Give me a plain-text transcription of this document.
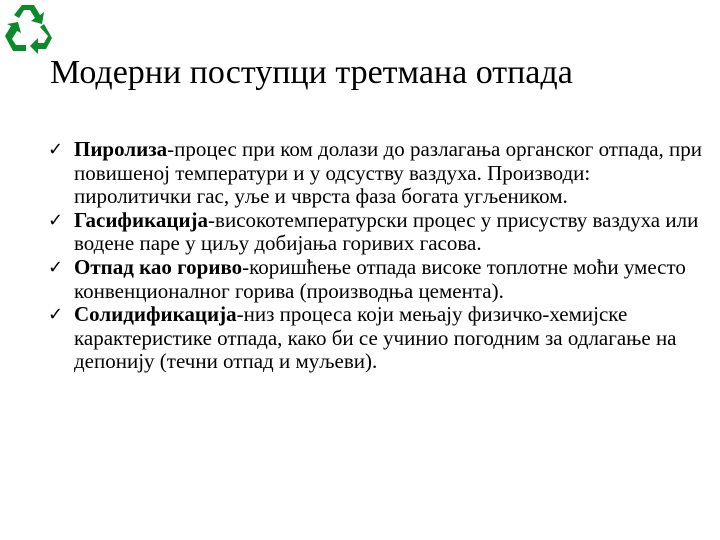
Модерни поступци третмана отпада
✓ Пиролиза-процес при ком долази до разлагања органског отпада, при повишеној температури и у одсуству ваздуха. Производи: пиролитички гас, уље и чврста фаза богата угљеником.
✓ Гасификација-високотемпературски процес у присуству ваздуха или водене паре у циљу добијања горивих гасова.
✓ Отпад као гориво-коришћење отпада високе топлотне моћи уместо конвенционалног горива (производња цемента).
✓ Солидификација-низ процеса који мењају физичко-хемијске карактеристике отпада, како би се учинио погодним за одлагање на депонију (течни отпад и муљеви).
